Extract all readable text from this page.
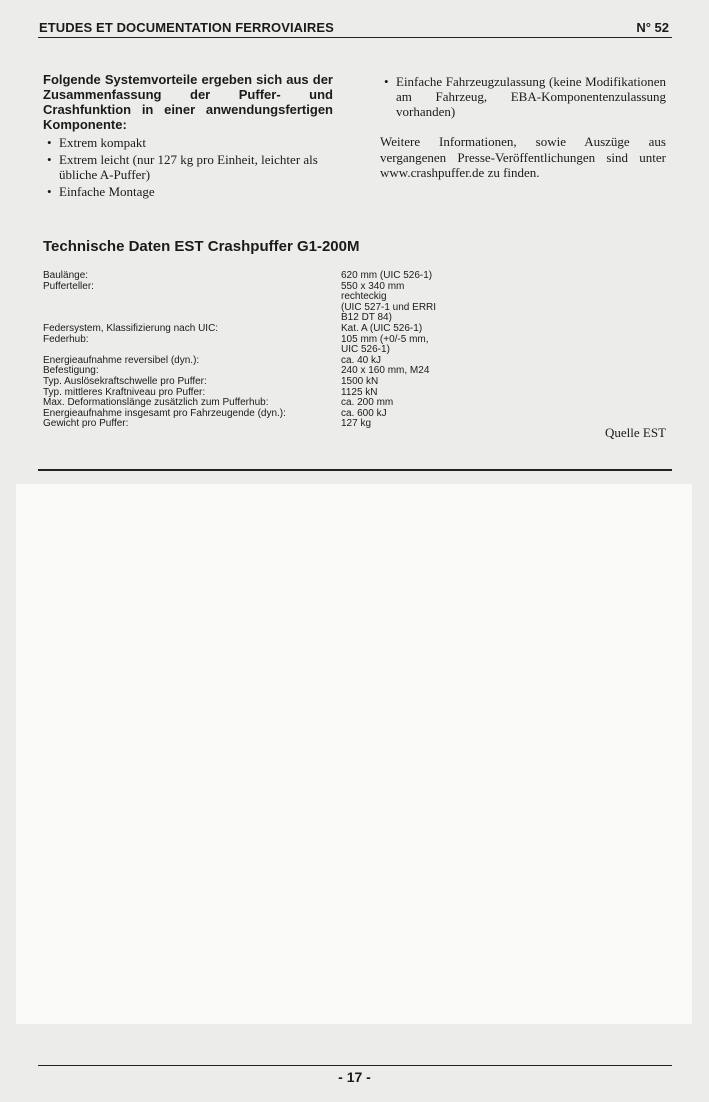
ETUDES ET DOCUMENTATION FERROVIAIRES	N° 52

Folgende Systemvorteile ergeben sich aus der Zusammenfassung der Puffer- und Crashfunktion in einer anwendungsfertigen Komponente:

• Extrem kompakt
• Extrem leicht (nur 127 kg pro Einheit, leichter als übliche A-Puffer)
• Einfache Montage
• Einfache Fahrzeugzulassung (keine Modifikationen am Fahrzeug, EBA-Komponentenzulassung vorhanden)

Weitere Informationen, sowie Auszüge aus vergangenen Presse-Veröffentlichungen sind unter www.crashpuffer.de zu finden.

Technische Daten EST Crashpuffer G1-200M
Baulänge:	620 mm (UIC 526-1)
Pufferteller:	550 x 340 mm rechteckig
	(UIC 527-1 und ERRI B12 DT 84)
Federsystem, Klassifizierung nach UIC:	Kat. A (UIC 526-1)
Federhub:	105 mm (+0/-5 mm, UIC 526-1)
Energieaufnahme reversibel (dyn.):	ca. 40 kJ
Befestigung:	240 x 160 mm, M24
Typ. Auslösekraftschwelle pro Puffer:	1500 kN
Typ. mittleres Kraftniveau pro Puffer:	1125 kN
Max. Deformationslänge zusätzlich zum Pufferhub:	ca. 200 mm
Energieaufnahme insgesamt pro Fahrzeugende (dyn.):	ca. 600 kJ
Gewicht pro Puffer:	127 kg
Quelle EST
- 17 -
